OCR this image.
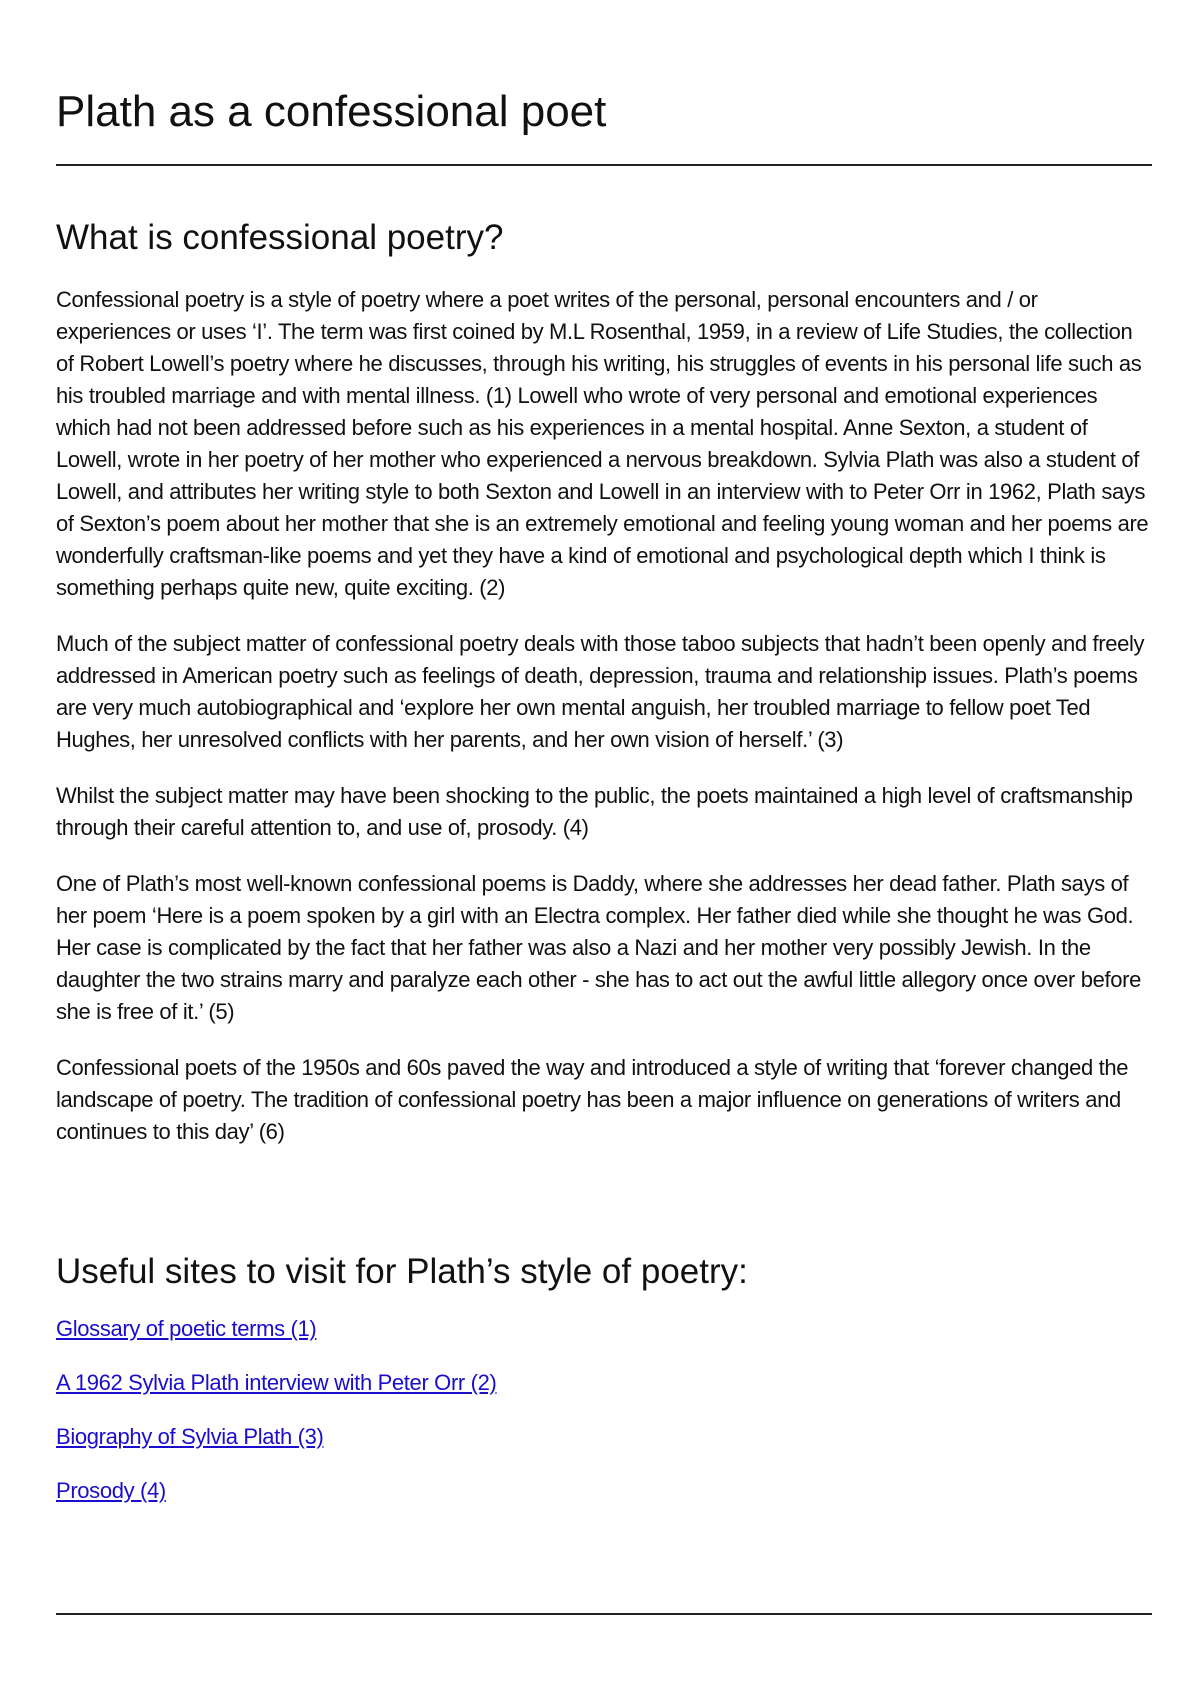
Plath as a confessional poet
What is confessional poetry?

Confessional poetry is a style of poetry where a poet writes of the personal, personal encounters and / or experiences or uses ‘I’. The term was first coined by M.L Rosenthal, 1959, in a review of Life Studies, the collection of Robert Lowell’s poetry where he discusses, through his writing, his struggles of events in his personal life such as his troubled marriage and with mental illness. (1) Lowell who wrote of very personal and emotional experiences which had not been addressed before such as his experiences in a mental hospital. Anne Sexton, a student of Lowell, wrote in her poetry of her mother who experienced a nervous breakdown. Sylvia Plath was also a student of Lowell, and attributes her writing style to both Sexton and Lowell in an interview with to Peter Orr in 1962, Plath says of Sexton’s poem about her mother that she is an extremely emotional and feeling young woman and her poems are wonderfully craftsman-like poems and yet they have a kind of emotional and psychological depth which I think is something perhaps quite new, quite exciting. (2)

Much of the subject matter of confessional poetry deals with those taboo subjects that hadn’t been openly and freely addressed in American poetry such as feelings of death, depression, trauma and relationship issues. Plath’s poems are very much autobiographical and ‘explore her own mental anguish, her troubled marriage to fellow poet Ted Hughes, her unresolved conflicts with her parents, and her own vision of herself.’ (3)

Whilst the subject matter may have been shocking to the public, the poets maintained a high level of craftsmanship through their careful attention to, and use of, prosody. (4)

One of Plath’s most well-known confessional poems is Daddy, where she addresses her dead father. Plath says of her poem ‘Here is a poem spoken by a girl with an Electra complex. Her father died while she thought he was God. Her case is complicated by the fact that her father was also a Nazi and her mother very possibly Jewish. In the daughter the two strains marry and paralyze each other - she has to act out the awful little allegory once over before she is free of it.’ (5)

Confessional poets of the 1950s and 60s paved the way and introduced a style of writing that ‘forever changed the landscape of poetry. The tradition of confessional poetry has been a major influence on generations of writers and continues to this day’ (6)

Useful sites to visit for Plath’s style of poetry:
Glossary of poetic terms (1)
A 1962 Sylvia Plath interview with Peter Orr (2)
Biography of Sylvia Plath (3)
Prosody (4)
